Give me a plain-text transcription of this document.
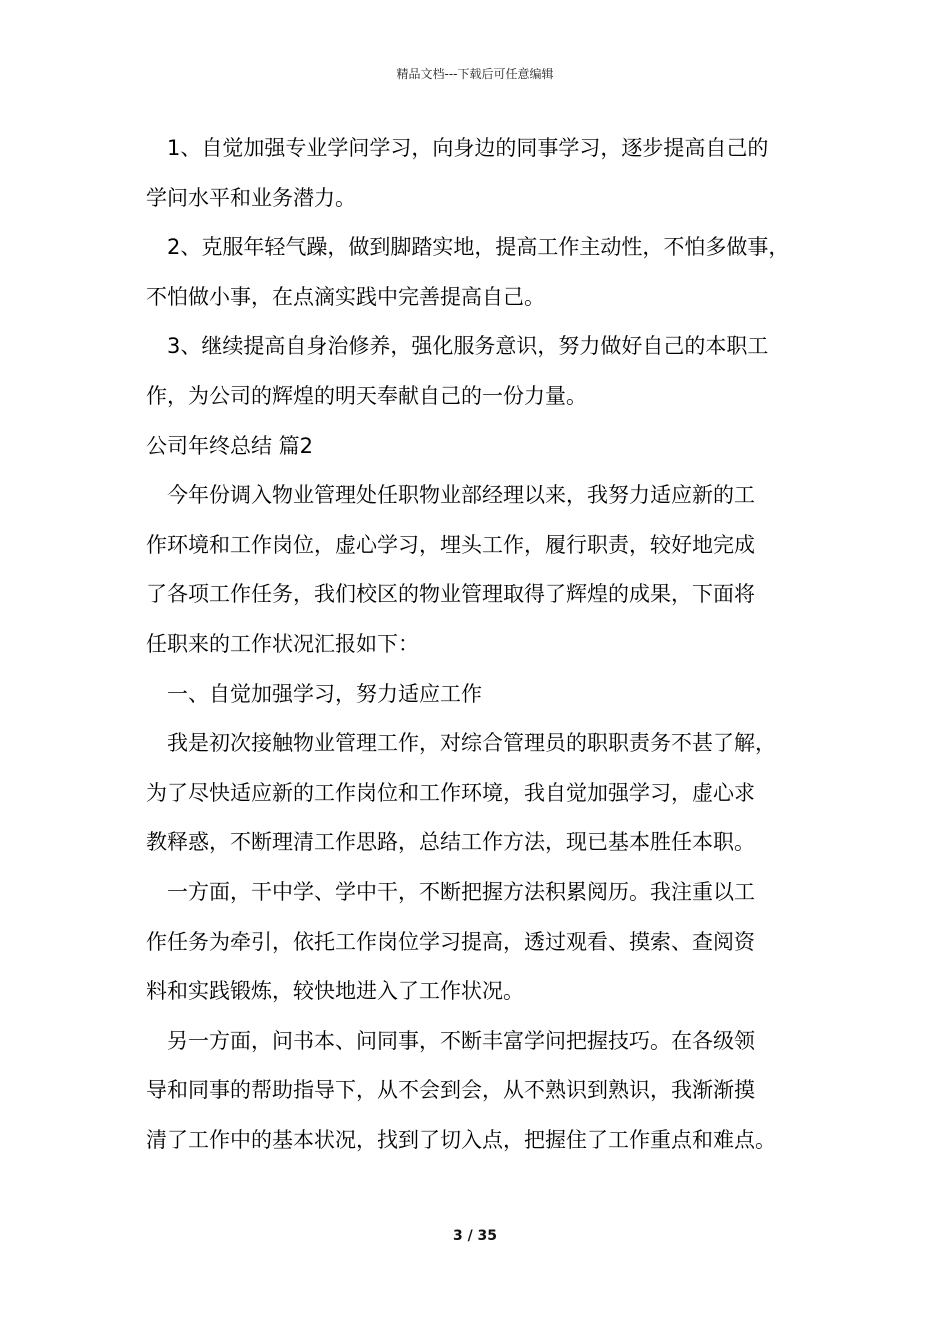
精品文档---下载后可任意编辑
1、自觉加强专业学问学习，向身边的同事学习，逐步提高自己的
学问水平和业务潜力。
2、克服年轻气躁，做到脚踏实地，提高工作主动性，不怕多做事，
不怕做小事，在点滴实践中完善提高自己。
3、继续提高自身治修养，强化服务意识，努力做好自己的本职工
作，为公司的辉煌的明天奉献自己的一份力量。
公司年终总结 篇2
今年份调入物业管理处任职物业部经理以来，我努力适应新的工
作环境和工作岗位，虚心学习，埋头工作，履行职责，较好地完成
了各项工作任务，我们校区的物业管理取得了辉煌的成果，下面将
任职来的工作状况汇报如下：
一、自觉加强学习，努力适应工作
我是初次接触物业管理工作，对综合管理员的职职责务不甚了解，
为了尽快适应新的工作岗位和工作环境，我自觉加强学习，虚心求
教释惑，不断理清工作思路，总结工作方法，现已基本胜任本职。
一方面，干中学、学中干，不断把握方法积累阅历。我注重以工
作任务为牵引，依托工作岗位学习提高，透过观看、摸索、查阅资
料和实践锻炼，较快地进入了工作状况。
另一方面，问书本、问同事，不断丰富学问把握技巧。在各级领
导和同事的帮助指导下，从不会到会，从不熟识到熟识，我渐渐摸
清了工作中的基本状况，找到了切入点，把握住了工作重点和难点。
3 / 35
